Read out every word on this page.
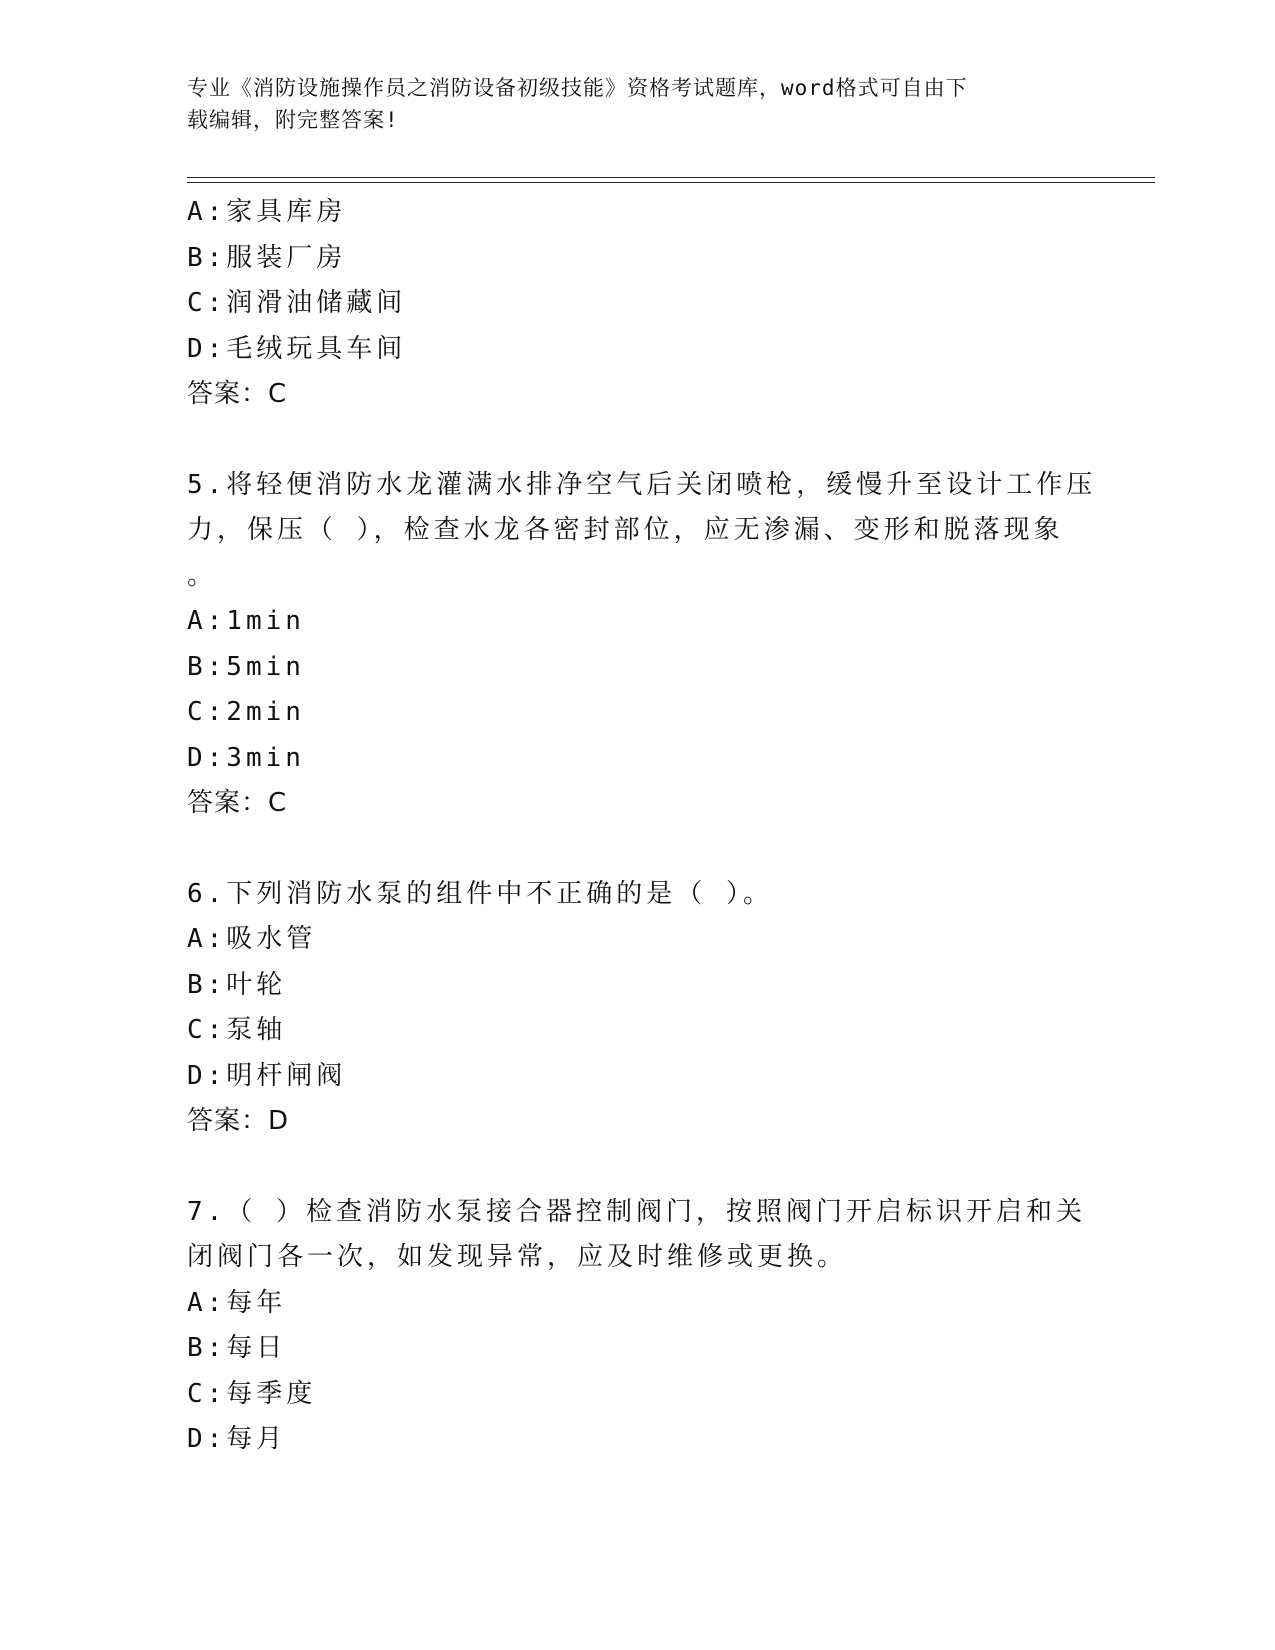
专业《消防设施操作员之消防设备初级技能》资格考试题库，word格式可自由下
载编辑，附完整答案!
A:家具库房
B:服装厂房
C:润滑油储藏间
D:毛绒玩具车间
答案：C
5.将轻便消防水龙灌满水排净空气后关闭喷枪，缓慢升至设计工作压
力，保压（ ），检查水龙各密封部位，应无渗漏、变形和脱落现象
。
A:1min
B:5min
C:2min
D:3min
答案：C
6.下列消防水泵的组件中不正确的是（ ）。
A:吸水管
B:叶轮
C:泵轴
D:明杆闸阀
答案：D
7.（ ）检查消防水泵接合器控制阀门，按照阀门开启标识开启和关
闭阀门各一次，如发现异常，应及时维修或更换。
A:每年
B:每日
C:每季度
D:每月
